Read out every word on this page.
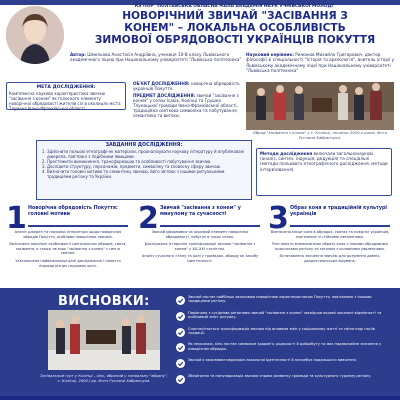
КЗ ПОР "ПОЛТАВСЬКА ОБЛАСНА МАЛА АКАДЕМІЯ НАУК УЧНІВСЬКОЇ МОЛОДІ"
НОВОРІЧНИЙ ЗВИЧАЙ "ЗАСІВАННЯ З
КОНЕМ" – ЛОКАЛЬНА ОСОБЛИВІСТЬ
ЗИМОВОЇ ОБРЯДОВОСТІ УКРАЇНЦІВ ПОКУТТЯ
Автор: Шмельова Анастасія Андріївна, учениця 10-В класу Львівського академічного ліцею при Національному університеті "Львівська політехніка"
Науковий керівник: Рижанов Михайло Григорович, доктор філософії зі спеціальності "Історія та археологія", вчитель історії у Львівському академічному ліцеї при Національному університеті "Львівська політехніка"
МЕТА ДОСЛІДЖЕННЯ:
Комплексна наукова характеристика звичаю "засівання з конем" як голосного елементу новорічної обрядовості жителів сіл в околицях міста Тлумача Івано-Франківської області.
ОБ'ЄКТ ДОСЛІДЖЕННЯ: новорічна обрядовість українців Покуття.
ПРЕДМЕТ ДОСЛІДЖЕННЯ: звичай "засівання з конем" у селах Ісаків, Колінці та Грушка Тлумацької громади Івано-Франківської області, традиційна святкова символіка та побутування, семантика та витоки.
Обряд "засівання з конем" у с. Колінці, початок 2000-х років. Фото Руслана Хабранчука.
ЗАВДАННЯ ДОСЛІДЖЕННЯ:
1. Здійснити польові етнографічні матеріали, проаналізувати наукову літературу й опубліковані джерела, пов'язані з подібними явищами.
2. Простежити виникнення, трансформацію та особливості побутування звичаю.
3. Дослідити структуру, персонажів, предмети, символіку та словесну сферу звичаю.
4. Визначити головні мотиви та семантику звичаю, його зв'язок з іншими ритуальними традиціями регіону та України.
Методи дослідження включали загальнонаукові (аналіз, синтез, індукція, дедукція) та спеціальні (методи польового етнографічного дослідження, методи інтерв'ювання).
1 Новорічна обрядовість Покуття: головні мотиви

Аналіз джерел та наукової літератури щодо новорічних обрядів Покуття, особливо новорічних звичаїв.

Визначено локальні особливості центральних обрядів, свята, засівання, а також зв'язок "засівання з конем" з тим ж святом.

Узагальнено найважливіші дані дослідження і поняття підходи різних наукових шкіл.

2 Звичай "засівання з конем" у минулому та сучасності

Звичай оформився як окремий елемент новорічної обрядовості, побутує в трьох селах.

Досліджено історичне трансформації звичаю "засівання з конем" у ХХ–ХХІ століттях.

Аналіз сучасного стану та ролі у громадах, обряду як засобу ідентичності.

3 Образ коня в традиційній культурі українців

Визначено місце коня в обрядах, святах та повір'ях українців, пов'язаних зі стійкими уявленнями.

Розглянуто взаємозв'язок образу коня з іншими обрядовими практиками регіону та загалом з основними уявленнями.

Встановлено значення звичаю для розуміння давніх, дохристиянських вірувань.

ВИСНОВКИ:
Засівальний гурт у Колінці – кінь, вбраний у засівальну "вбрану", с. Колінці, 2000-і рр. Фото Руслана Хабранчука.
Звичай постає найбільш важливою новорічною характеристикою Покуття, пов'язаною з іншими традиціями регіону.
Порівняно з сусідніми регіонами звичай "засівання з конем" засвідчив окремі локальні відмінності та особливий зміст ритуалу.
Спостерігається трансформація звичаю під впливом змін у соціальному житті та світогляді носіїв традиції.
Як персонаж, кінь постає символом здоров'я, родючості й добробуту та має надзвичайне значення у новорічних обрядах.
Звичай є важливим маркером локальної ідентичності й потребує подальшого вивчення.
Зберігання та популяризація звичаю сприяє розвитку громади та культурного туризму регіону.
